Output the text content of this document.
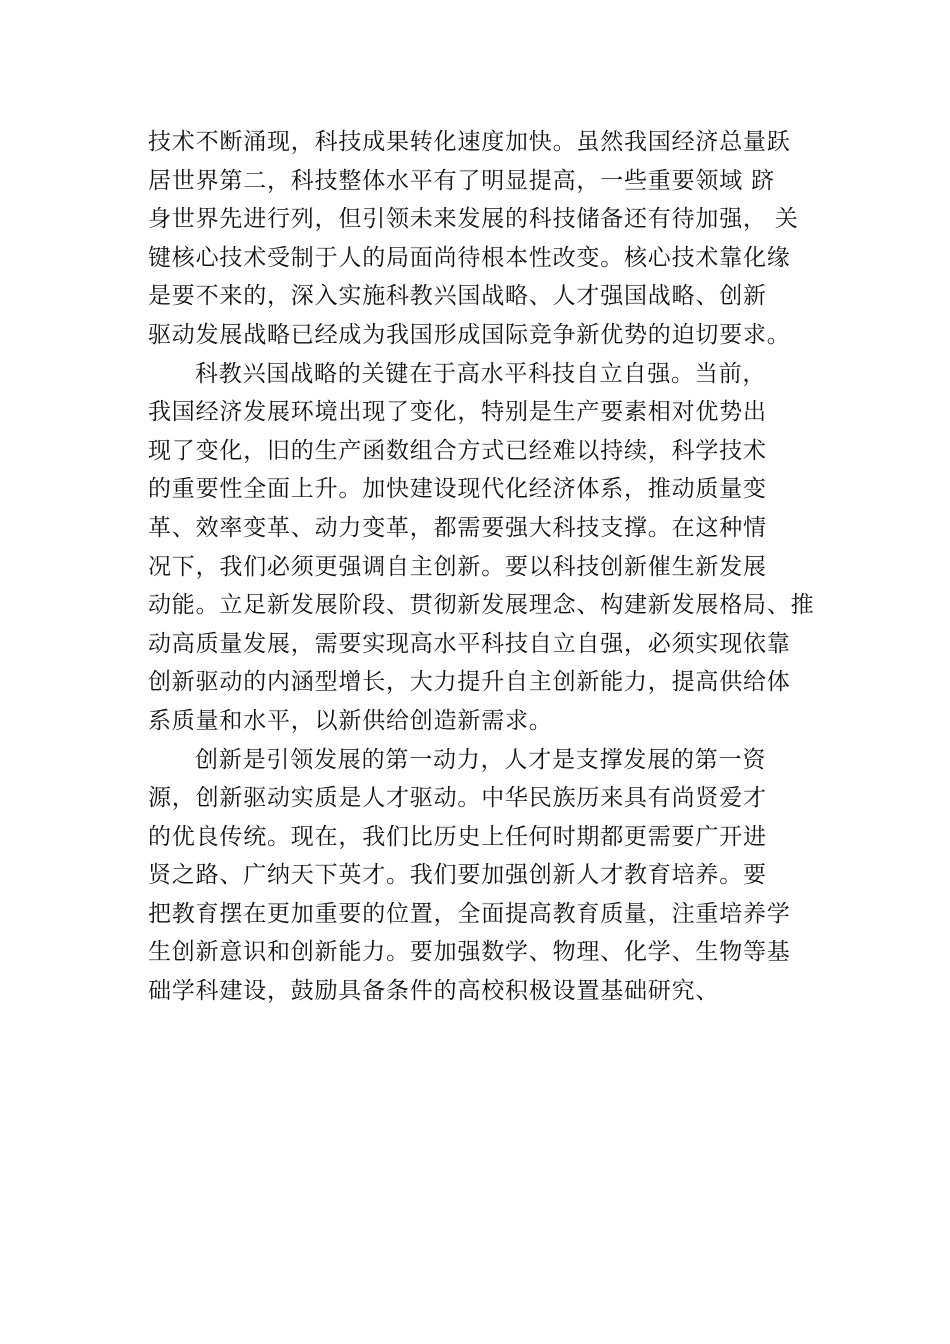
技术不断涌现，科技成果转化速度加快。虽然我国经济总量跃
居世界第二，科技整体水平有了明显提高，一些重要领域 跻
身世界先进行列，但引领未来发展的科技储备还有待加强， 关
键核心技术受制于人的局面尚待根本性改变。核心技术靠化缘
是要不来的，深入实施科教兴国战略、人才强国战略、创新
驱动发展战略已经成为我国形成国际竞争新优势的迫切要求。
科教兴国战略的关键在于高水平科技自立自强。当前，
我国经济发展环境出现了变化，特别是生产要素相对优势出
现了变化，旧的生产函数组合方式已经难以持续，科学技术
的重要性全面上升。加快建设现代化经济体系，推动质量变
革、效率变革、动力变革，都需要强大科技支撑。在这种情
况下，我们必须更强调自主创新。要以科技创新催生新发展
动能。立足新发展阶段、贯彻新发展理念、构建新发展格局、推
动高质量发展，需要实现高水平科技自立自强，必须实现依靠
创新驱动的内涵型增长，大力提升自主创新能力，提高供给体
系质量和水平，以新供给创造新需求。
创新是引领发展的第一动力，人才是支撑发展的第一资
源，创新驱动实质是人才驱动。中华民族历来具有尚贤爱才
的优良传统。现在，我们比历史上任何时期都更需要广开进
贤之路、广纳天下英才。我们要加强创新人才教育培养。要
把教育摆在更加重要的位置，全面提高教育质量，注重培养学
生创新意识和创新能力。要加强数学、物理、化学、生物等基
础学科建设，鼓励具备条件的高校积极设置基础研究、
